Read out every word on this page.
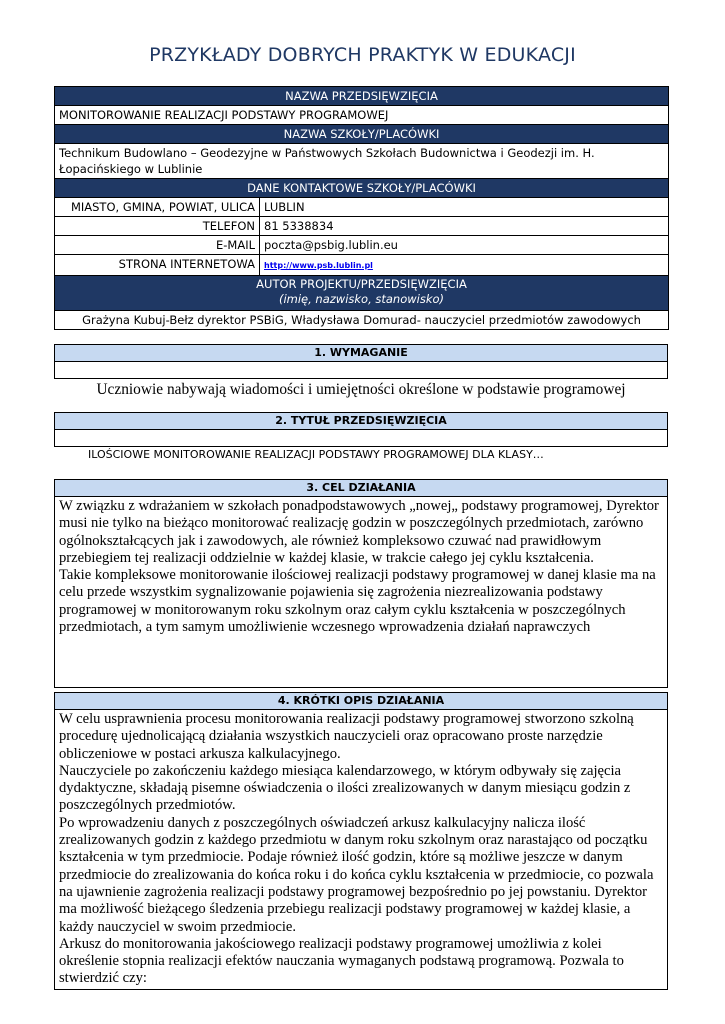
PRZYKŁADY DOBRYCH PRAKTYK W EDUKACJI
NAZWA PRZEDSIĘWZIĘCIA	
MONITOROWANIE REALIZACJI PODSTAWY PROGRAMOWEJ	
NAZWA SZKOŁY/PLACÓWKI	
Technikum Budowlano – Geodezyjne w Państwowych Szkołach Budownictwa i Geodezji im. H. Łopacińskiego w Lublinie	
DANE KONTAKTOWE SZKOŁY/PLACÓWKI	
MIASTO, GMINA, POWIAT, ULICA	LUBLIN
TELEFON	81 5338834
E-MAIL	poczta@psbig.lublin.eu
STRONA INTERNETOWA	http://www.psb.lublin.pl

AUTOR PROJEKTU/PRZEDSIĘWZIĘCIA
(imię, nazwisko, stanowisko)	

Grażyna Kubuj-Bełz dyrektor PSBiG, Władysława Domurad- nauczyciel przedmiotów zawodowych	
1. WYMAGANIE

Uczniowie nabywają wiadomości i umiejętności określone w podstawie programowej
2. TYTUŁ PRZEDSIĘWZIĘCIA

ILOŚCIOWE MONITOROWANIE REALIZACJI PODSTAWY PROGRAMOWEJ DLA KLASY…
3. CEL DZIAŁANIA

W związku z wdrażaniem w szkołach ponadpodstawowych „nowej„ podstawy programowej, Dyrektor musi nie tylko na bieżąco monitorować realizację godzin w poszczególnych przedmiotach, zarówno ogólnokształcących jak i zawodowych, ale również kompleksowo czuwać nad prawidłowym przebiegiem tej realizacji oddzielnie w każdej klasie, w trakcie całego jej cyklu kształcenia.

Takie kompleksowe monitorowanie ilościowej realizacji podstawy programowej w danej klasie ma na celu przede wszystkim sygnalizowanie pojawienia się zagrożenia niezrealizowania podstawy programowej w monitorowanym roku szkolnym oraz całym cyklu kształcenia w poszczególnych przedmiotach, a tym samym umożliwienie wczesnego wprowadzenia działań naprawczych

4. KRÓTKI OPIS DZIAŁANIA

W celu usprawnienia procesu monitorowania realizacji podstawy programowej stworzono szkolną procedurę ujednolicającą działania wszystkich nauczycieli oraz opracowano proste narzędzie obliczeniowe w postaci arkusza kalkulacyjnego.

Nauczyciele po zakończeniu każdego miesiąca kalendarzowego, w którym odbywały się zajęcia dydaktyczne, składają pisemne oświadczenia o ilości zrealizowanych w danym miesiącu godzin z poszczególnych przedmiotów.

Po wprowadzeniu danych z poszczególnych oświadczeń arkusz kalkulacyjny nalicza ilość zrealizowanych godzin z każdego przedmiotu w danym roku szkolnym oraz narastająco od początku kształcenia w tym przedmiocie. Podaje również ilość godzin, które są możliwe jeszcze w danym przedmiocie do zrealizowania do końca roku i do końca cyklu kształcenia w przedmiocie, co pozwala na ujawnienie zagrożenia realizacji podstawy programowej bezpośrednio po jej powstaniu. Dyrektor ma możliwość bieżącego śledzenia przebiegu realizacji podstawy programowej w każdej klasie, a każdy nauczyciel w swoim przedmiocie.

Arkusz do monitorowania jakościowego realizacji podstawy programowej umożliwia z kolei określenie stopnia realizacji efektów nauczania wymaganych podstawą programową. Pozwala to stwierdzić czy:
